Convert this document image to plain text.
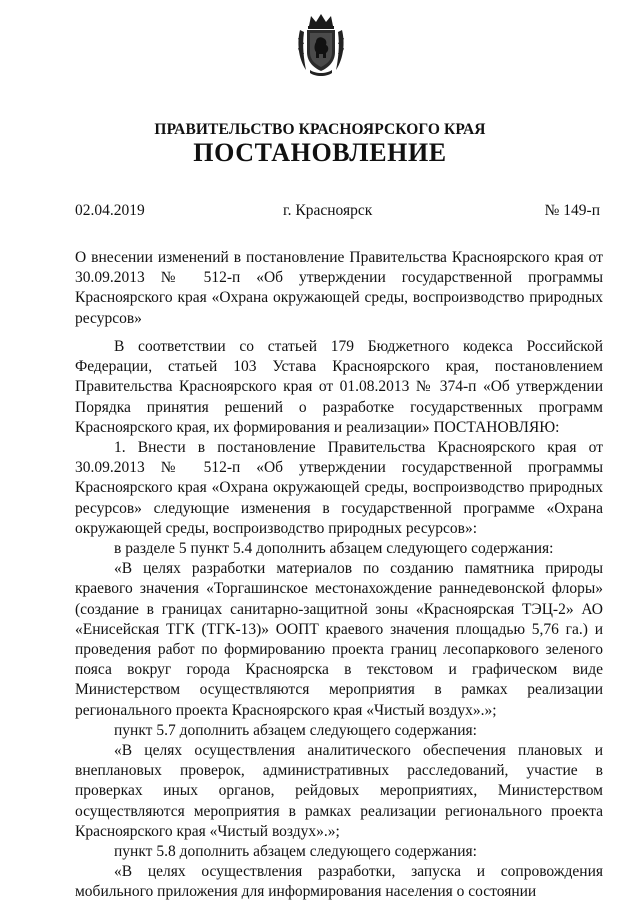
ПРАВИТЕЛЬСТВО КРАСНОЯРСКОГО КРАЯ
ПОСТАНОВЛЕНИЕ
02.04.2019	г. Красноярск	№ 149-п
О внесении изменений в постановление Правительства Красноярского края от 30.09.2013 № 512-п «Об утверждении государственной программы Красноярского края «Охрана окружающей среды, воспроизводство природных ресурсов»

В соответствии со статьей 179 Бюджетного кодекса Российской Федерации, статьей 103 Устава Красноярского края, постановлением Правительства Красноярского края от 01.08.2013 № 374-п «Об утверждении Порядка принятия решений о разработке государственных программ Красноярского края, их формирования и реализации» ПОСТАНОВЛЯЮ:

1. Внести в постановление Правительства Красноярского края от 30.09.2013 № 512-п «Об утверждении государственной программы Красноярского края «Охрана окружающей среды, воспроизводство природных ресурсов» следующие изменения в государственной программе «Охрана окружающей среды, воспроизводство природных ресурсов»:

в разделе 5 пункт 5.4 дополнить абзацем следующего содержания:

«В целях разработки материалов по созданию памятника природы краевого значения «Торгашинское местонахождение раннедевонской флоры» (создание в границах санитарно-защитной зоны «Красноярская ТЭЦ-2» АО «Енисейская ТГК (ТГК-13)» ООПТ краевого значения площадью 5,76 га.) и проведения работ по формированию проекта границ лесопаркового зеленого пояса вокруг города Красноярска в текстовом и графическом виде Министерством осуществляются мероприятия в рамках реализации регионального проекта Красноярского края «Чистый воздух».»;

пункт 5.7 дополнить абзацем следующего содержания:

«В целях осуществления аналитического обеспечения плановых и внеплановых проверок, административных расследований, участие в проверках иных органов, рейдовых мероприятиях, Министерством осуществляются мероприятия в рамках реализации регионального проекта Красноярского края «Чистый воздух».»;

пункт 5.8 дополнить абзацем следующего содержания:

«В целях осуществления разработки, запуска и сопровождения мобильного приложения для информирования населения о состоянии
